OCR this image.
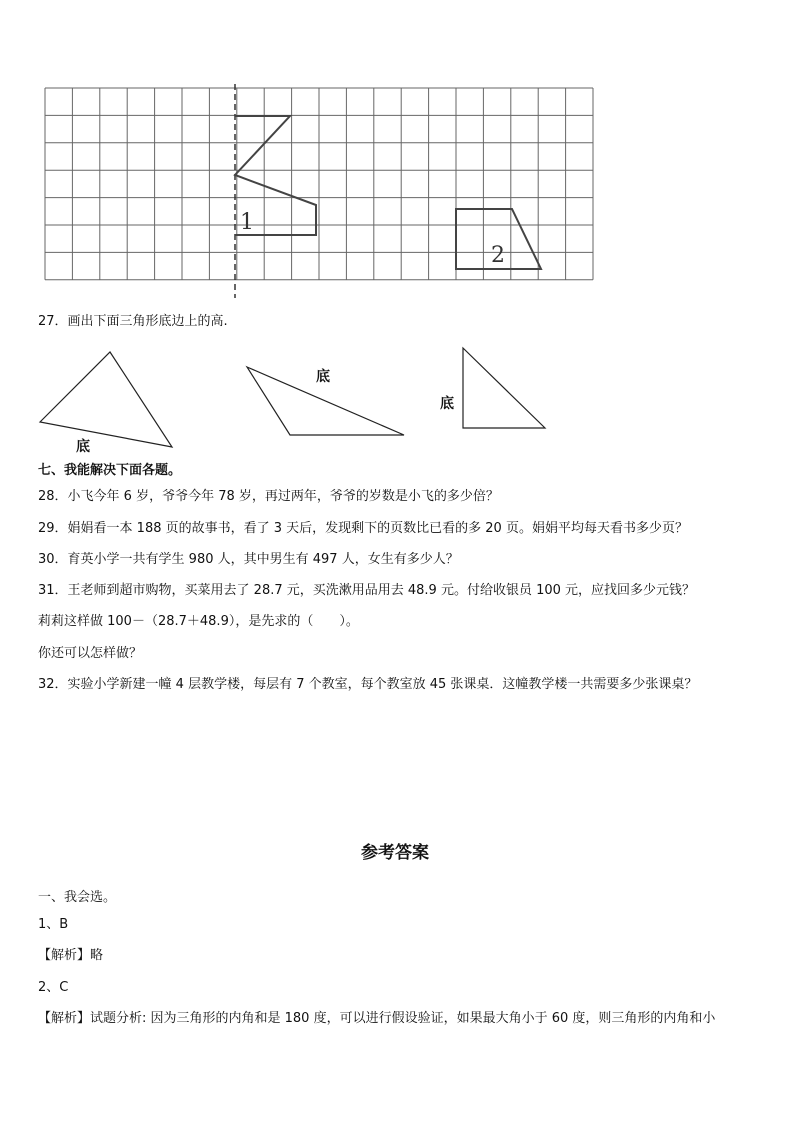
1
2
27．画出下面三角形底边上的高.
底
底
底
七、我能解决下面各题。
28．小飞今年 6 岁，爷爷今年 78 岁，再过两年，爷爷的岁数是小飞的多少倍？
29．娟娟看一本 188 页的故事书，看了 3 天后，发现剩下的页数比已看的多 20 页。娟娟平均每天看书多少页？
30．育英小学一共有学生 980 人，其中男生有 497 人，女生有多少人？
31．王老师到超市购物，买菜用去了 28.7 元，买洗漱用品用去 48.9 元。付给收银员 100 元，应找回多少元钱？
莉莉这样做 100－（28.7＋48.9），是先求的（　　）。
你还可以怎样做？
32．实验小学新建一幢 4 层教学楼，每层有 7 个教室，每个教室放 45 张课桌．这幢教学楼一共需要多少张课桌？
参考答案
一、我会选。
1、B
【解析】略
2、C
【解析】试题分析: 因为三角形的内角和是 180 度，可以进行假设验证，如果最大角小于 60 度，则三角形的内角和小
